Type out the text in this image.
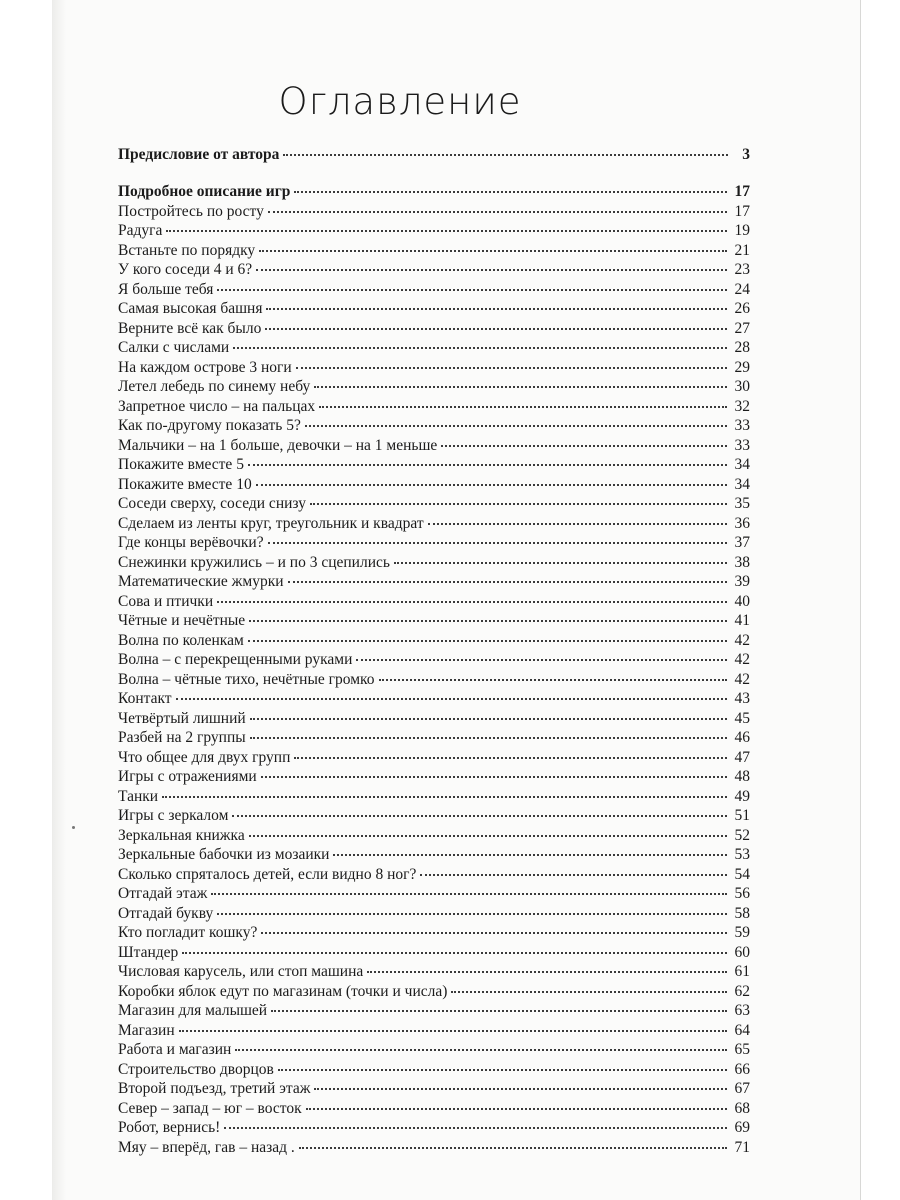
Оглавление
Предисловие от автора	3
Подробное описание игр	17
Постройтесь по росту	17
Радуга	19
Встаньте по порядку	21
У кого соседи 4 и 6?	23
Я больше тебя	24
Самая высокая башня	26
Верните всё как было	27
Салки с числами	28
На каждом острове 3 ноги	29
Летел лебедь по синему небу	30
Запретное число – на пальцах	32
Как по-другому показать 5?	33
Мальчики – на 1 больше, девочки – на 1 меньше	33
Покажите вместе 5	34
Покажите вместе 10	34
Соседи сверху, соседи снизу	35
Сделаем из ленты круг, треугольник и квадрат	36
Где концы верёвочки?	37
Снежинки кружились – и по 3 сцепились	38
Математические жмурки	39
Сова и птички	40
Чётные и нечётные	41
Волна по коленкам	42
Волна – с перекрещенными руками	42
Волна – чётные тихо, нечётные громко	42
Контакт	43
Четвёртый лишний	45
Разбей на 2 группы	46
Что общее для двух групп	47
Игры с отражениями	48
Танки	49
Игры с зеркалом	51
Зеркальная книжка	52
Зеркальные бабочки из мозаики	53
Сколько спряталось детей, если видно 8 ног?	54
Отгадай этаж	56
Отгадай букву	58
Кто погладит кошку?	59
Штандер	60
Числовая карусель, или стоп машина	61
Коробки яблок едут по магазинам (точки и числа)	62
Магазин для малышей	63
Магазин	64
Работа и магазин	65
Строительство дворцов	66
Второй подъезд, третий этаж	67
Север – запад – юг – восток	68
Робот, вернись!	69
Мяу – вперёд, гав – назад .	71
